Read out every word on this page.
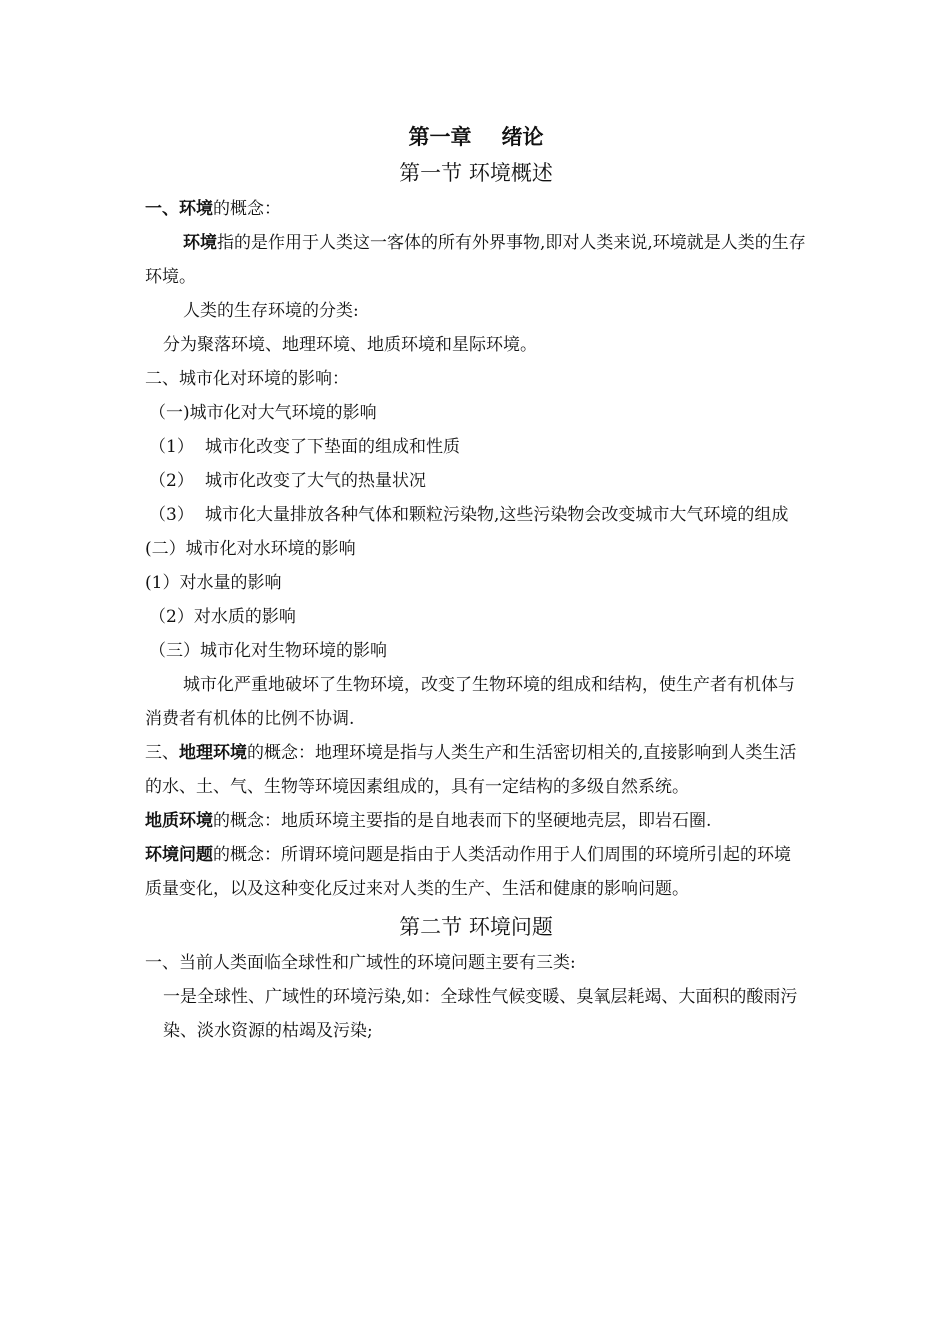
第一章 绪论

第一节 环境概述

一、环境的概念：

环境指的是作用于人类这一客体的所有外界事物,即对人类来说,环境就是人类的生存环境。

人类的生存环境的分类:

分为聚落环境、地理环境、地质环境和星际环境。

二、城市化对环境的影响：

（一)城市化对大气环境的影响

（1） 城市化改变了下垫面的组成和性质
（2） 城市化改变了大气的热量状况
（3） 城市化大量排放各种气体和颗粒污染物,这些污染物会改变城市大气环境的组成

(二）城市化对水环境的影响

(1）对水量的影响

（2）对水质的影响

（三）城市化对生物环境的影响

城市化严重地破坏了生物环境，改变了生物环境的组成和结构，使生产者有机体与消费者有机体的比例不协调.

三、地理环境的概念：地理环境是指与人类生产和生活密切相关的,直接影响到人类生活的水、土、气、生物等环境因素组成的，具有一定结构的多级自然系统。

地质环境的概念：地质环境主要指的是自地表而下的坚硬地壳层，即岩石圈.

环境问题的概念：所谓环境问题是指由于人类活动作用于人们周围的环境所引起的环境质量变化，以及这种变化反过来对人类的生产、生活和健康的影响问题。

第二节 环境问题

一、当前人类面临全球性和广域性的环境问题主要有三类:

一是全球性、广域性的环境污染,如：全球性气候变暖、臭氧层耗竭、大面积的酸雨污染、淡水资源的枯竭及污染;
